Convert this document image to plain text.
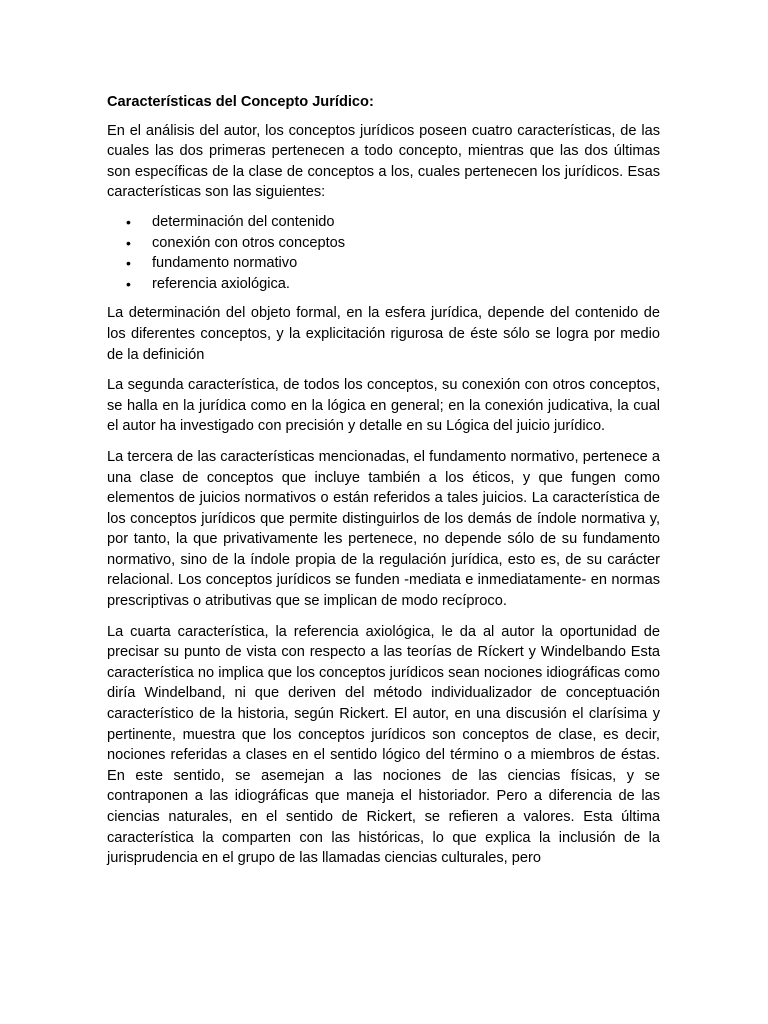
Características del Concepto Jurídico:

En el análisis del autor, los conceptos jurídicos poseen cuatro características, de las cuales las dos primeras pertenecen a todo concepto, mientras que las dos últimas son específicas de la clase de conceptos a los, cuales pertenecen los jurídicos. Esas características son las siguientes:

• determinación del contenido
• conexión con otros conceptos
• fundamento normativo
• referencia axiológica.

La determinación del objeto formal, en la esfera jurídica, depende del contenido de los diferentes conceptos, y la explicitación rigurosa de éste sólo se logra por medio de la definición

La segunda característica, de todos los conceptos, su conexión con otros conceptos, se halla en la jurídica como en la lógica en general; en la conexión judicativa, la cual el autor ha investigado con precisión y detalle en su Lógica del juicio jurídico.

La tercera de las características mencionadas, el fundamento normativo, pertenece a una clase de conceptos que incluye también a los éticos, y que fungen como elementos de juicios normativos o están referidos a tales juicios. La característica de los conceptos jurídicos que permite distinguirlos de los demás de índole normativa y, por tanto, la que privativamente les pertenece, no depende sólo de su fundamento normativo, sino de la índole propia de la regulación jurídica, esto es, de su carácter relacional. Los conceptos jurídicos se funden -mediata e inmediatamente- en normas prescriptivas o atributivas que se implican de modo recíproco.

La cuarta característica, la referencia axiológica, le da al autor la oportunidad de precisar su punto de vista con respecto a las teorías de Ríckert y Windelbando Esta característica no implica que los conceptos jurídicos sean nociones idiográficas como diría Windelband, ni que deriven del método individualizador de conceptuación característico de la historia, según Rickert. El autor, en una discusión el clarísima y pertinente, muestra que los conceptos jurídicos son conceptos de clase, es decir, nociones referidas a clases en el sentido lógico del término o a miembros de éstas. En este sentido, se asemejan a las nociones de las ciencias físicas, y se contraponen a las idiográficas que maneja el historiador. Pero a diferencia de las ciencias naturales, en el sentido de Rickert, se refieren a valores. Esta última característica la comparten con las históricas, lo que explica la inclusión de la jurisprudencia en el grupo de las llamadas ciencias culturales, pero
